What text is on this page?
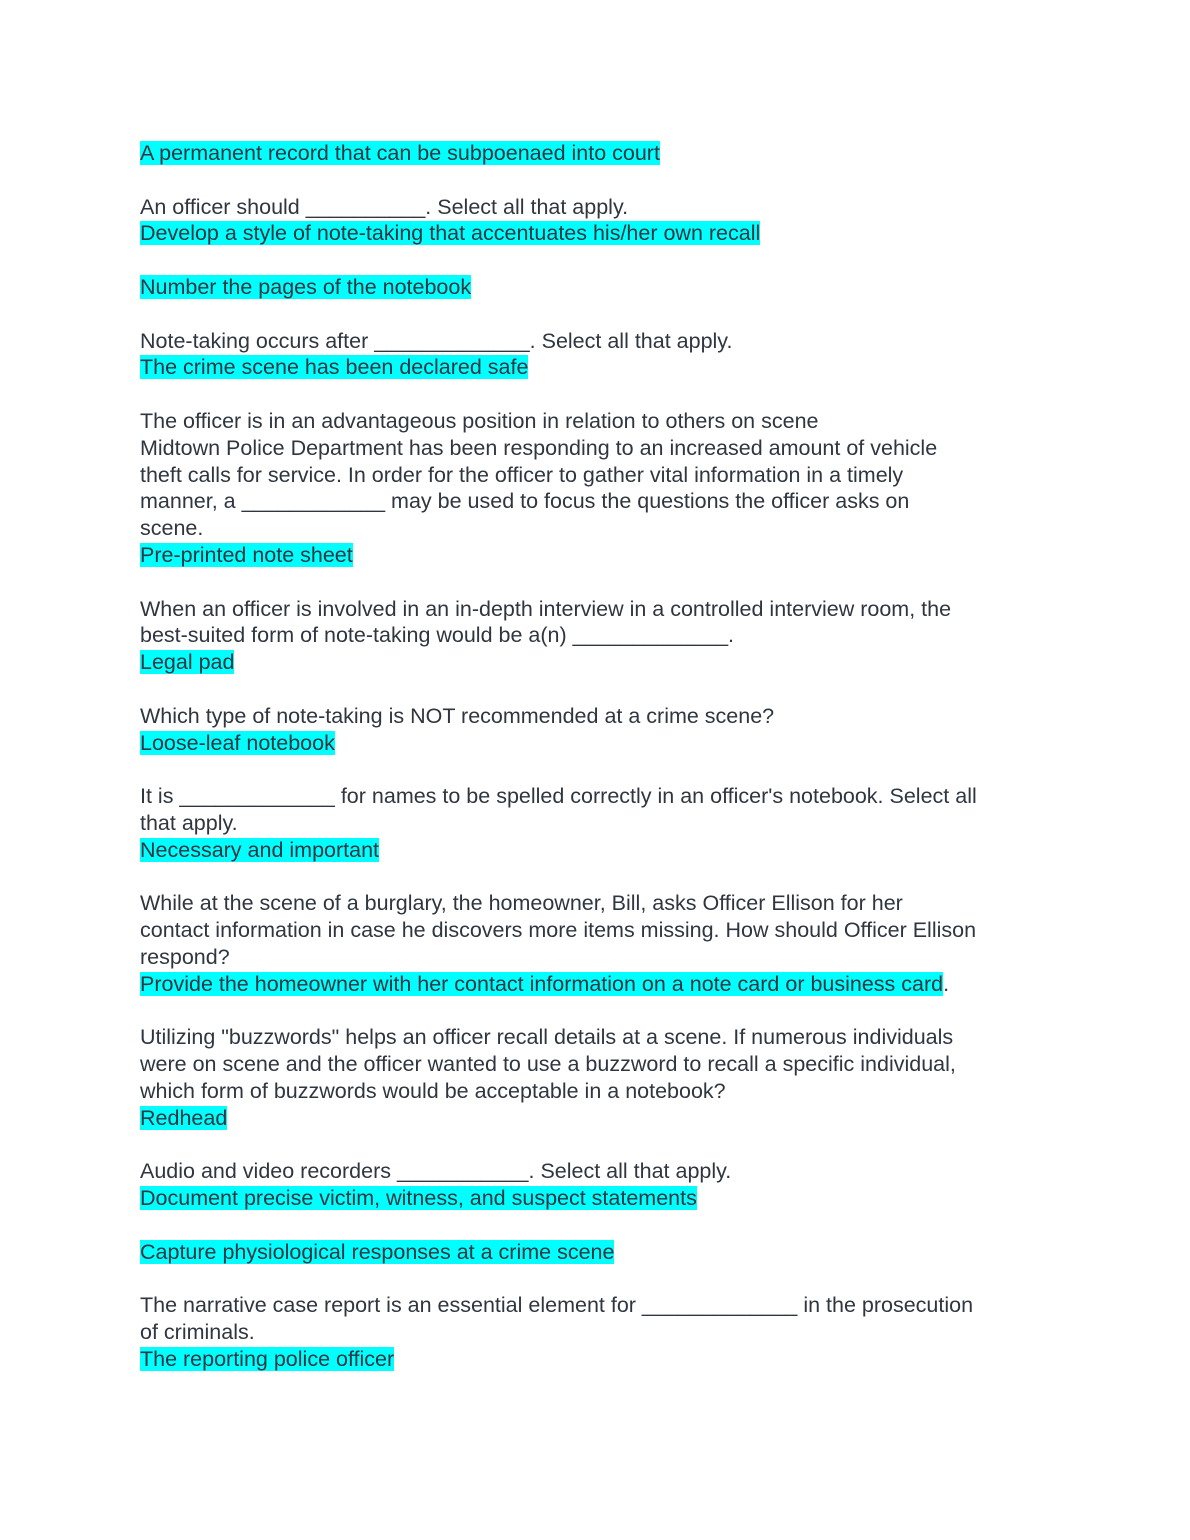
A permanent record that can be subpoenaed into court
An officer should __________. Select all that apply.
Develop a style of note-taking that accentuates his/her own recall
Number the pages of the notebook
Note-taking occurs after _____________. Select all that apply.
The crime scene has been declared safe
The officer is in an advantageous position in relation to others on scene
Midtown Police Department has been responding to an increased amount of vehicle
theft calls for service. In order for the officer to gather vital information in a timely
manner, a ____________ may be used to focus the questions the officer asks on
scene.
Pre-printed note sheet
When an officer is involved in an in-depth interview in a controlled interview room, the
best-suited form of note-taking would be a(n) _____________.
Legal pad
Which type of note-taking is NOT recommended at a crime scene?
Loose-leaf notebook
It is _____________ for names to be spelled correctly in an officer's notebook. Select all
that apply.
Necessary and important
While at the scene of a burglary, the homeowner, Bill, asks Officer Ellison for her
contact information in case he discovers more items missing. How should Officer Ellison
respond?
Provide the homeowner with her contact information on a note card or business card.
Utilizing "buzzwords" helps an officer recall details at a scene. If numerous individuals
were on scene and the officer wanted to use a buzzword to recall a specific individual,
which form of buzzwords would be acceptable in a notebook?
Redhead
Audio and video recorders ___________. Select all that apply.
Document precise victim, witness, and suspect statements
Capture physiological responses at a crime scene
The narrative case report is an essential element for _____________ in the prosecution
of criminals.
The reporting police officer
